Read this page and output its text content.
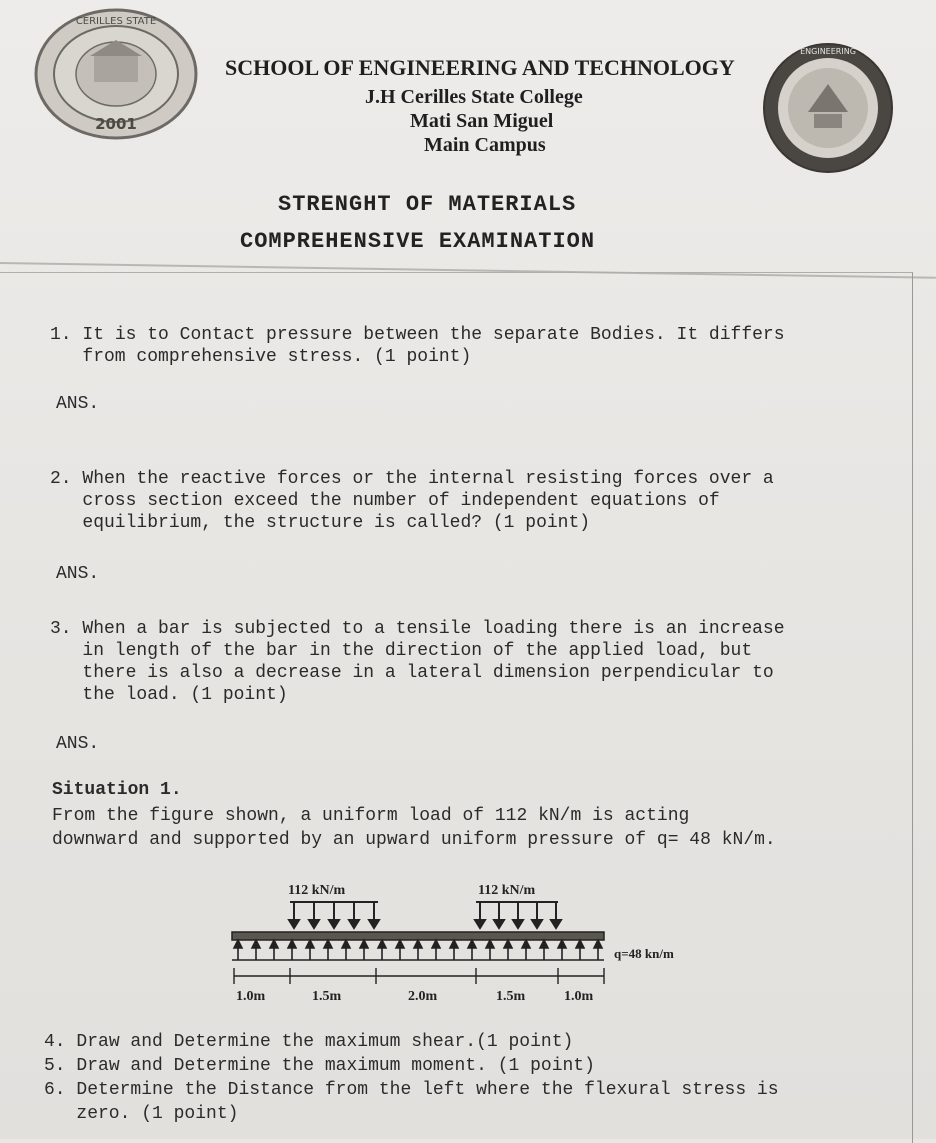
2001
CERILLES STATE
ENGINEERING
SCHOOL OF ENGINEERING AND TECHNOLOGY
J.H Cerilles State College
Mati San Miguel
Main Campus
STRENGHT OF MATERIALS
COMPREHENSIVE EXAMINATION
1. It is to Contact pressure between the separate Bodies. It differs
from comprehensive stress. (1 point)
ANS.
2. When the reactive forces or the internal resisting forces over a
cross section exceed the number of independent equations of
equilibrium, the structure is called? (1 point)
ANS.
3. When a bar is subjected to a tensile loading there is an increase
in length of the bar in the direction of the applied load, but
there is also a decrease in a lateral dimension perpendicular to
the load. (1 point)
ANS.
Situation 1.
From the figure shown, a uniform load of 112 kN/m is acting
downward and supported by an upward uniform pressure of q= 48 kN/m.
112 kN/m	112 kN/m
q=48 kn/m
1.0m	1.5m	2.0m	1.5m	1.0m
4. Draw and Determine the maximum shear.(1 point)
5. Draw and Determine the maximum moment. (1 point)
6. Determine the Distance from the left where the flexural stress is
zero. (1 point)
